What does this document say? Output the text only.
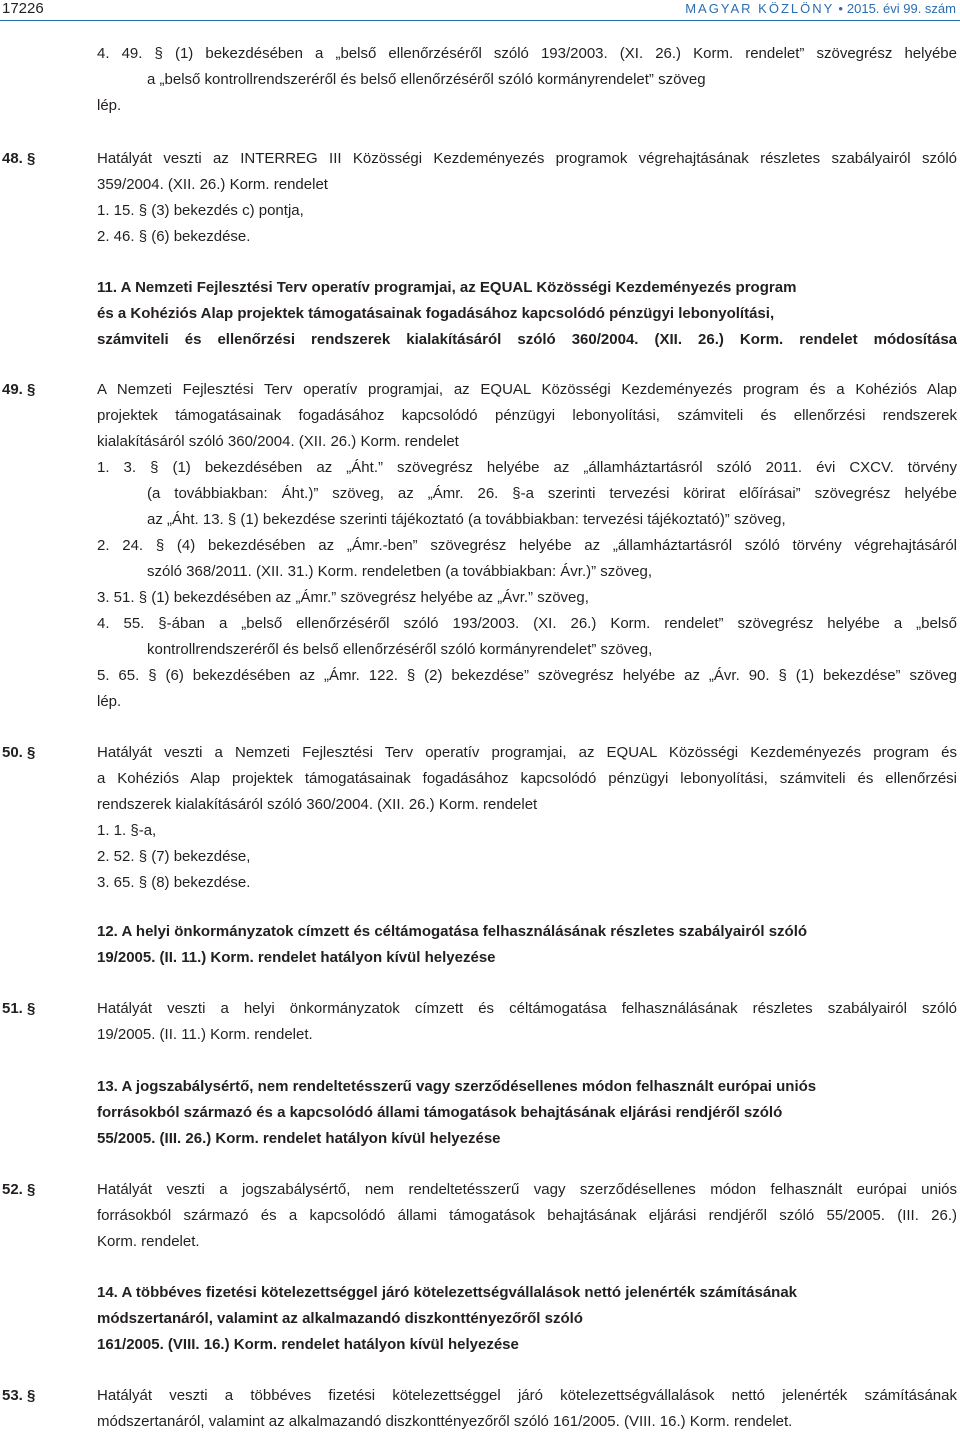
17226	MAGYAR KÖZLÖNY • 2015. évi 99. szám
4. 49. § (1) bekezdésében a „belső ellenőrzéséről szóló 193/2003. (XI. 26.) Korm. rendelet” szövegrész helyébe
a „belső kontrollrendszeréről és belső ellenőrzéséről szóló kormányrendelet” szöveg
lép.
48. §	Hatályát veszti az INTERREG III Közösségi Kezdeményezés programok végrehajtásának részletes szabályairól szóló
359/2004. (XII. 26.) Korm. rendelet
1. 15. § (3) bekezdés c) pontja,
2. 46. § (6) bekezdése.
11. A Nemzeti Fejlesztési Terv operatív programjai, az EQUAL Közösségi Kezdeményezés program
és a Kohéziós Alap projektek támogatásainak fogadásához kapcsolódó pénzügyi lebonyolítási,
számviteli és ellenőrzési rendszerek kialakításáról szóló 360/2004. (XII. 26.) Korm. rendelet módosítása
49. §	A Nemzeti Fejlesztési Terv operatív programjai, az EQUAL Közösségi Kezdeményezés program és a Kohéziós Alap
projektek támogatásainak fogadásához kapcsolódó pénzügyi lebonyolítási, számviteli és ellenőrzési rendszerek
kialakításáról szóló 360/2004. (XII. 26.) Korm. rendelet
1. 3. § (1) bekezdésében az „Áht.” szövegrész helyébe az „államháztartásról szóló 2011. évi CXCV. törvény
(a továbbiakban: Áht.)” szöveg, az „Ámr. 26. §-a szerinti tervezési körirat előírásai” szövegrész helyébe
az „Áht. 13. § (1) bekezdése szerinti tájékoztató (a továbbiakban: tervezési tájékoztató)” szöveg,
2. 24. § (4) bekezdésében az „Ámr.-ben” szövegrész helyébe az „államháztartásról szóló törvény végrehajtásáról
szóló 368/2011. (XII. 31.) Korm. rendeletben (a továbbiakban: Ávr.)” szöveg,
3. 51. § (1) bekezdésében az „Ámr.” szövegrész helyébe az „Ávr.” szöveg,
4. 55. §-ában a „belső ellenőrzéséről szóló 193/2003. (XI. 26.) Korm. rendelet” szövegrész helyébe a „belső
kontrollrendszeréről és belső ellenőrzéséről szóló kormányrendelet” szöveg,
5. 65. § (6) bekezdésében az „Ámr. 122. § (2) bekezdése” szövegrész helyébe az „Ávr. 90. § (1) bekezdése” szöveg
lép.
50. §	Hatályát veszti a Nemzeti Fejlesztési Terv operatív programjai, az EQUAL Közösségi Kezdeményezés program és
a Kohéziós Alap projektek támogatásainak fogadásához kapcsolódó pénzügyi lebonyolítási, számviteli és ellenőrzési
rendszerek kialakításáról szóló 360/2004. (XII. 26.) Korm. rendelet
1. 1. §-a,
2. 52. § (7) bekezdése,
3. 65. § (8) bekezdése.
12. A helyi önkormányzatok címzett és céltámogatása felhasználásának részletes szabályairól szóló
19/2005. (II. 11.) Korm. rendelet hatályon kívül helyezése
51. §	Hatályát veszti a helyi önkormányzatok címzett és céltámogatása felhasználásának részletes szabályairól szóló
19/2005. (II. 11.) Korm. rendelet.
13. A jogszabálysértő, nem rendeltetésszerű vagy szerződésellenes módon felhasznált európai uniós
forrásokból származó és a kapcsolódó állami támogatások behajtásának eljárási rendjéről szóló
55/2005. (III. 26.) Korm. rendelet hatályon kívül helyezése
52. §	Hatályát veszti a jogszabálysértő, nem rendeltetésszerű vagy szerződésellenes módon felhasznált európai uniós
forrásokból származó és a kapcsolódó állami támogatások behajtásának eljárási rendjéről szóló 55/2005. (III. 26.)
Korm. rendelet.
14. A többéves fizetési kötelezettséggel járó kötelezettségvállalások nettó jelenérték számításának
módszertanáról, valamint az alkalmazandó diszkonttényezőről szóló
161/2005. (VIII. 16.) Korm. rendelet hatályon kívül helyezése
53. §	Hatályát veszti a többéves fizetési kötelezettséggel járó kötelezettségvállalások nettó jelenérték számításának
módszertanáról, valamint az alkalmazandó diszkonttényezőről szóló 161/2005. (VIII. 16.) Korm. rendelet.
